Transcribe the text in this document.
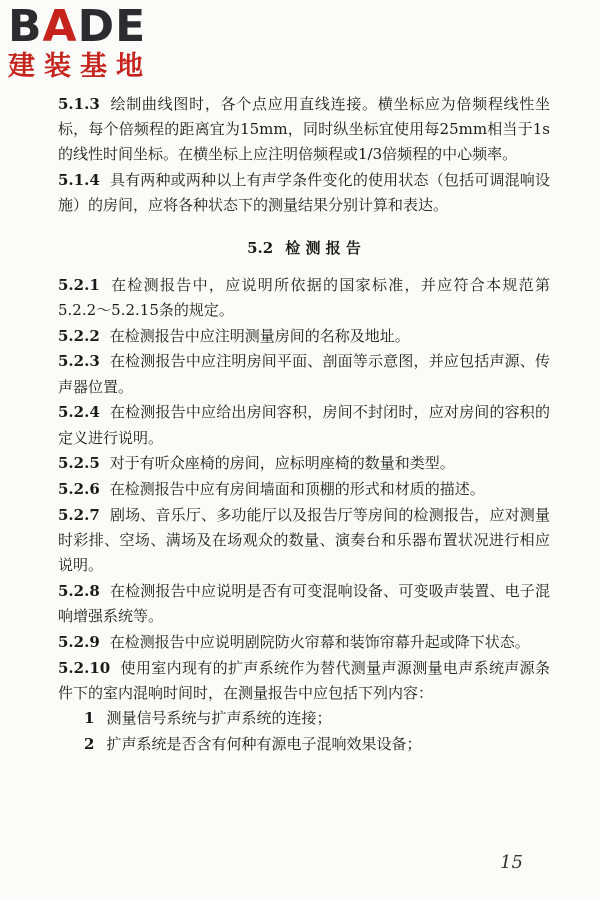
BADE
建装基地

5.1.3 绘制曲线图时，各个点应用直线连接。横坐标应为倍频程线性坐标，每个倍频程的距离宜为15mm，同时纵坐标宜使用每25mm相当于1s的线性时间坐标。在横坐标上应注明倍频程或1/3倍频程的中心频率。

5.1.4 具有两种或两种以上有声学条件变化的使用状态（包括可调混响设施）的房间，应将各种状态下的测量结果分别计算和表达。

5.2 检 测 报 告

5.2.1 在检测报告中，应说明所依据的国家标准，并应符合本规范第5.2.2～5.2.15条的规定。

5.2.2 在检测报告中应注明测量房间的名称及地址。

5.2.3 在检测报告中应注明房间平面、剖面等示意图，并应包括声源、传声器位置。

5.2.4 在检测报告中应给出房间容积，房间不封闭时，应对房间的容积的定义进行说明。

5.2.5 对于有听众座椅的房间，应标明座椅的数量和类型。

5.2.6 在检测报告中应有房间墙面和顶棚的形式和材质的描述。

5.2.7 剧场、音乐厅、多功能厅以及报告厅等房间的检测报告，应对测量时彩排、空场、满场及在场观众的数量、演奏台和乐器布置状况进行相应说明。

5.2.8 在检测报告中应说明是否有可变混响设备、可变吸声装置、电子混响增强系统等。

5.2.9 在检测报告中应说明剧院防火帘幕和装饰帘幕升起或降下状态。

5.2.10 使用室内现有的扩声系统作为替代测量声源测量电声系统声源条件下的室内混响时间时，在测量报告中应包括下列内容：

1 测量信号系统与扩声系统的连接；

2 扩声系统是否含有何种有源电子混响效果设备；

15
